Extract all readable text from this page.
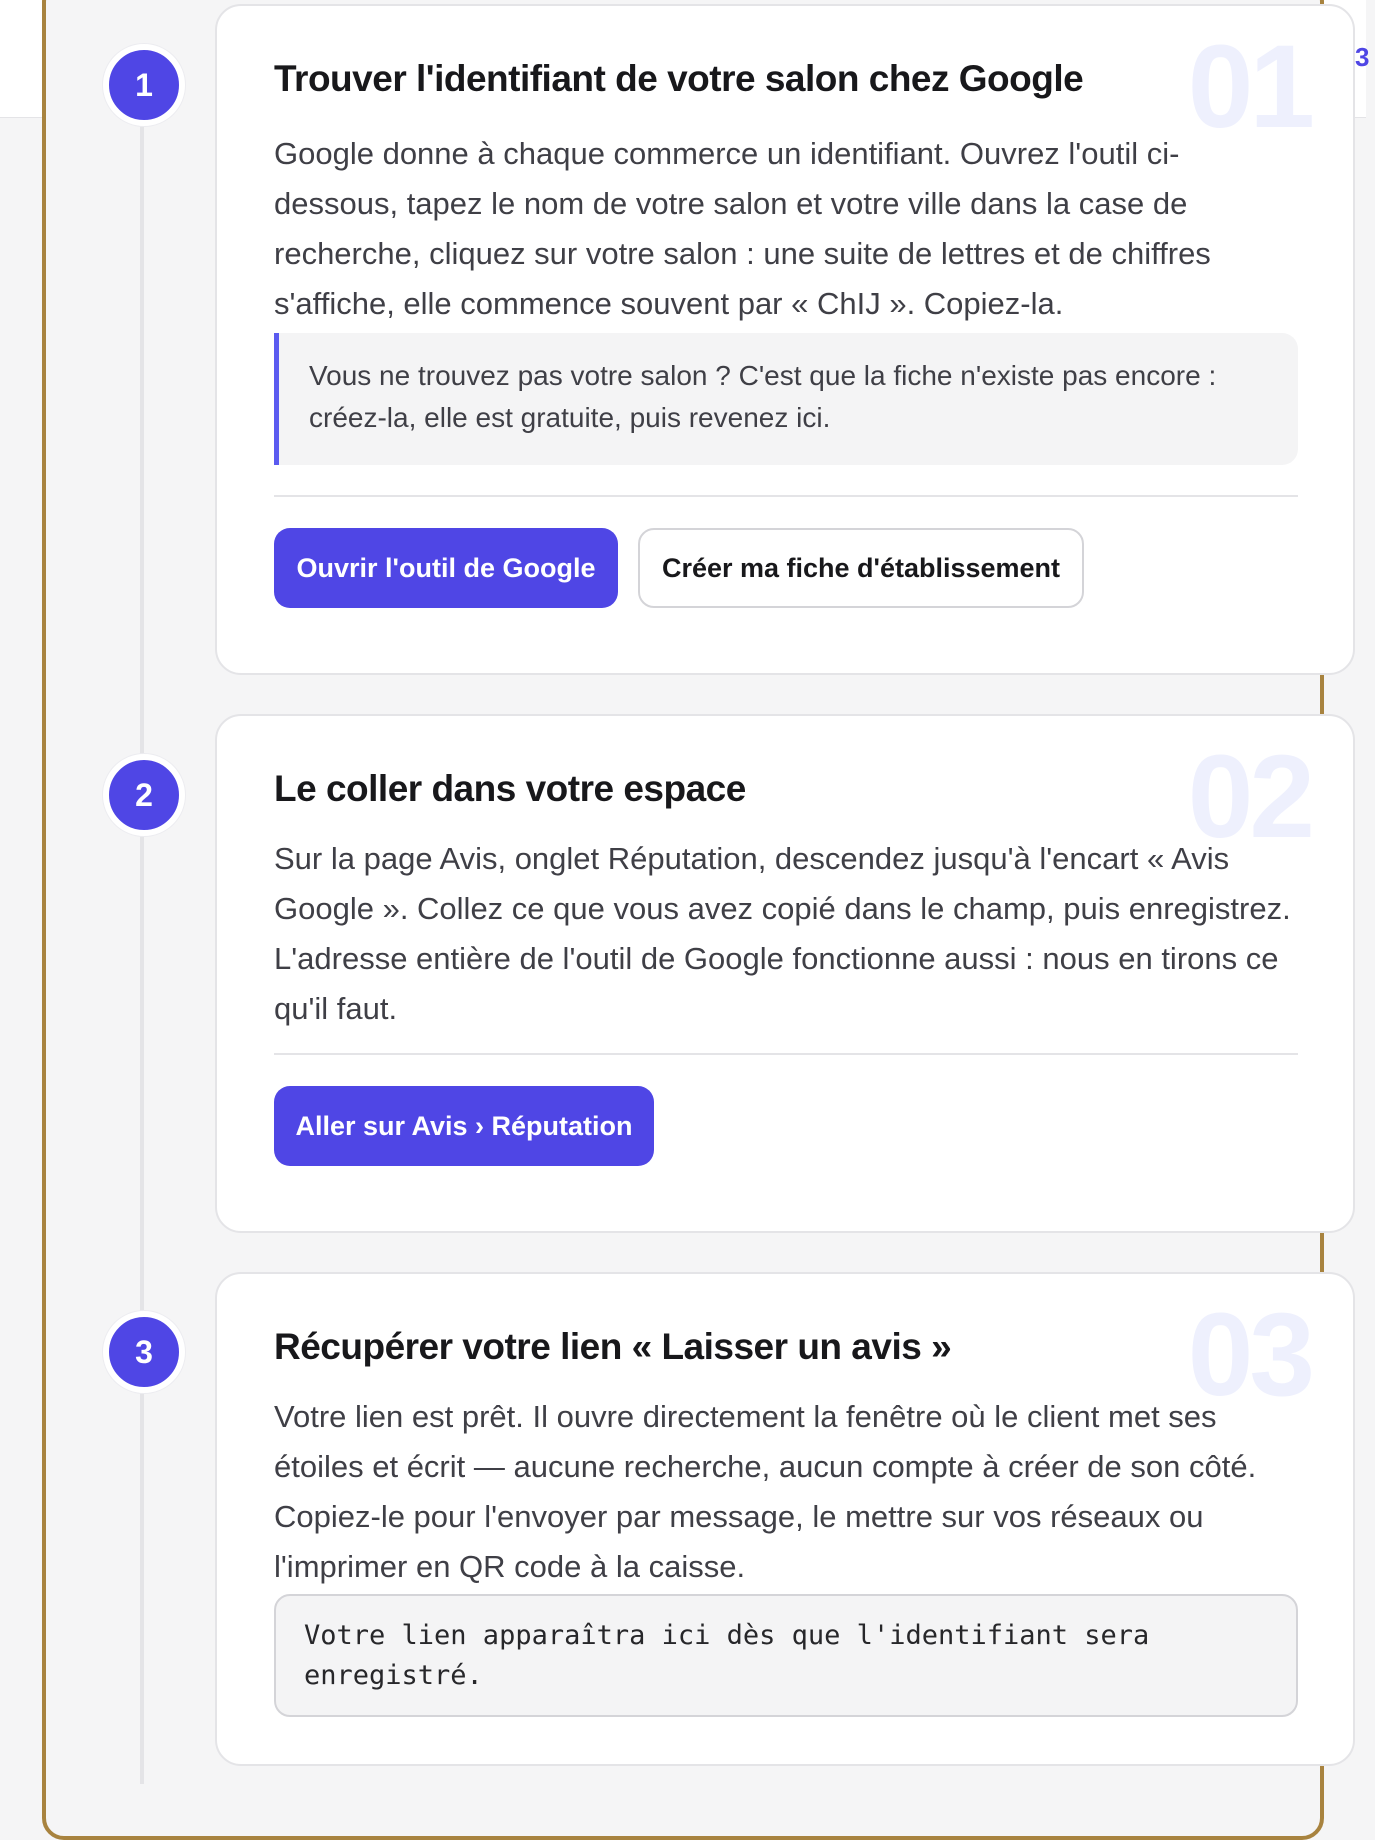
3
1	01
Trouver l'identifiant de votre salon chez Google
Google donne à chaque commerce un identifiant. Ouvrez l'outil ci-dessous, tapez le nom de votre salon et votre ville dans la case de recherche, cliquez sur votre salon : une suite de lettres et de chiffres s'affiche, elle commence souvent par « ChIJ ». Copiez-la.
Vous ne trouvez pas votre salon ? C'est que la fiche n'existe pas encore : créez-la, elle est gratuite, puis revenez ici.
Ouvrir l'outil de Google	Créer ma fiche d'établissement
2	02
Le coller dans votre espace
Sur la page Avis, onglet Réputation, descendez jusqu'à l'encart « Avis Google ». Collez ce que vous avez copié dans le champ, puis enregistrez. L'adresse entière de l'outil de Google fonctionne aussi : nous en tirons ce qu'il faut.
Aller sur Avis › Réputation
3	03
Récupérer votre lien « Laisser un avis »
Votre lien est prêt. Il ouvre directement la fenêtre où le client met ses étoiles et écrit — aucune recherche, aucun compte à créer de son côté. Copiez-le pour l'envoyer par message, le mettre sur vos réseaux ou l'imprimer en QR code à la caisse.
Votre lien apparaîtra ici dès que l'identifiant sera enregistré.
